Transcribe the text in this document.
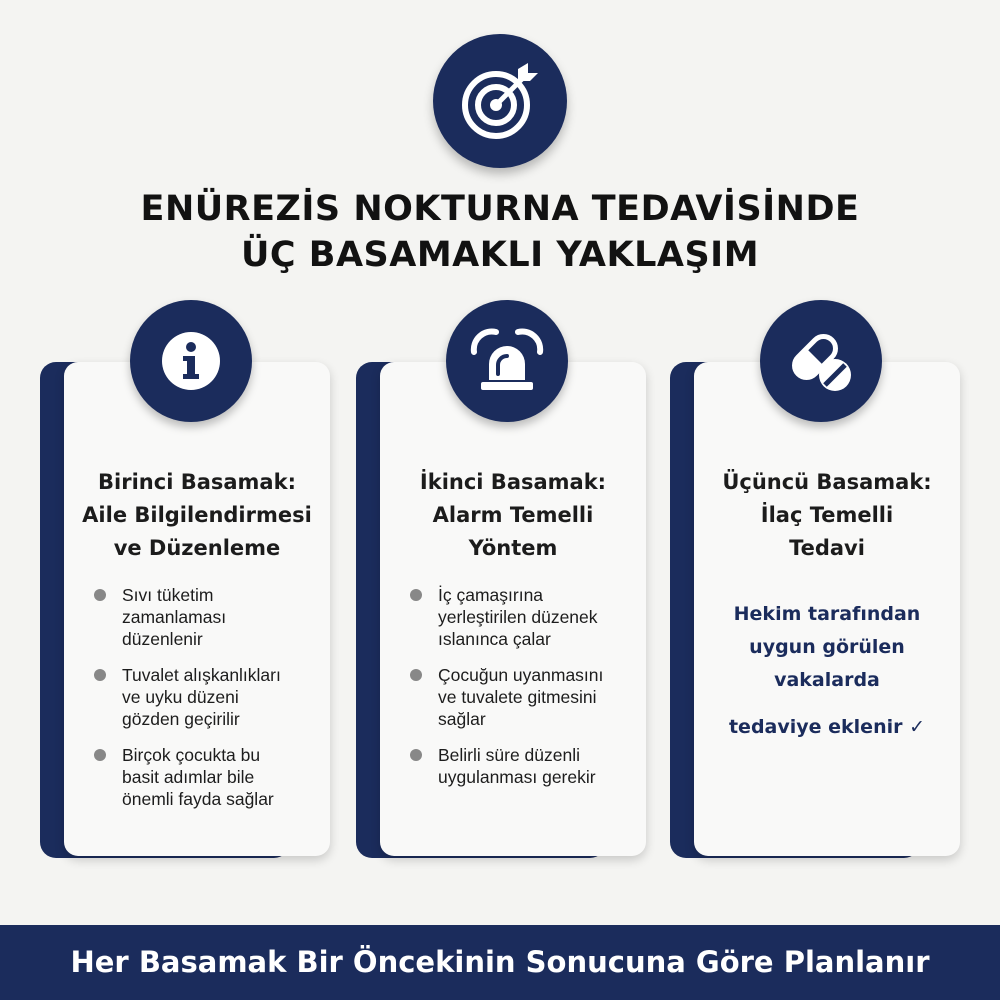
ENÜREZİS NOKTURNA TEDAVİSİNDE
ÜÇ BASAMAKLI YAKLAŞIM
Birinci Basamak:
Aile Bilgilendirmesi
ve Düzenleme
Sıvı tüketim
zamanlaması
düzenlenir
Tuvalet alışkanlıkları
ve uyku düzeni
gözden geçirilir
Birçok çocukta bu
basit adımlar bile
önemli fayda sağlar
İkinci Basamak:
Alarm Temelli
Yöntem
İç çamaşırına
yerleştirilen düzenek
ıslanınca çalar
Çocuğun uyanmasını
ve tuvalete gitmesini
sağlar
Belirli süre düzenli
uygulanması gerekir
Üçüncü Basamak:
İlaç Temelli
Tedavi
Hekim tarafından
uygun görülen
vakalarda
tedaviye eklenir ✓
Her Basamak Bir Öncekinin Sonucuna Göre Planlanır
